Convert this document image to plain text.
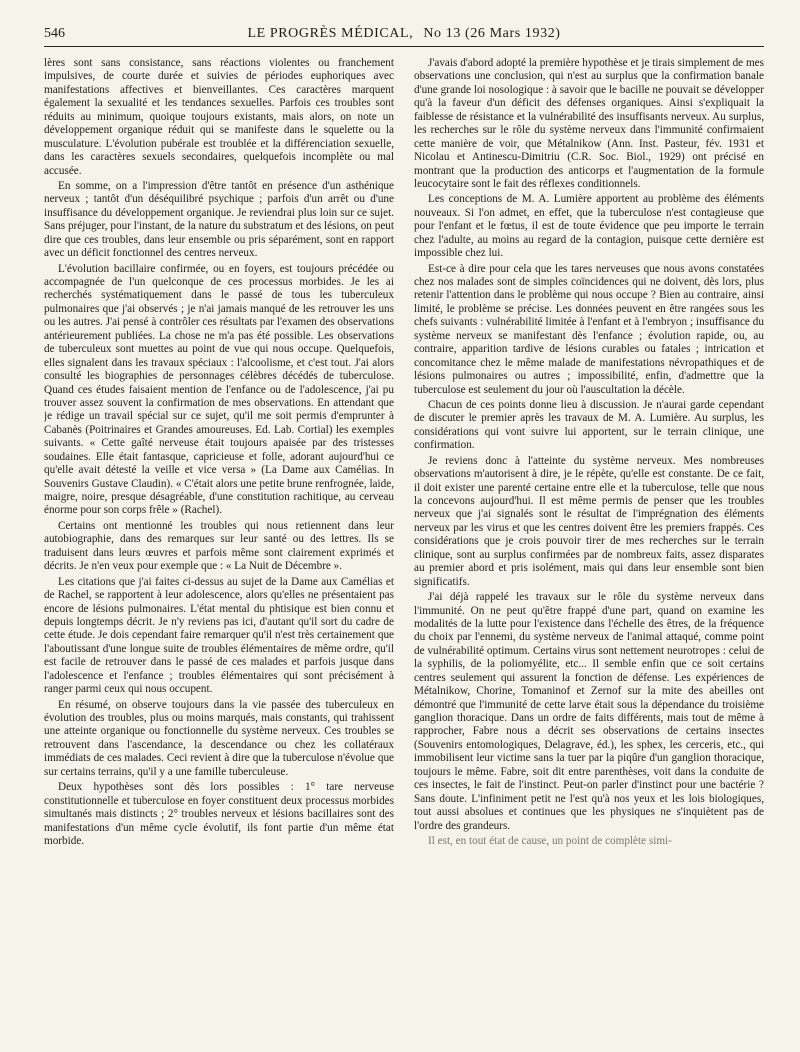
546	LE PROGRÈS MÉDICAL, No 13 (26 Mars 1932)

lères sont sans consistance, sans réactions violentes ou franchement impulsives, de courte durée et suivies de périodes euphoriques avec manifestations affectives et bienveillantes. Ces caractères marquent également la sexualité et les tendances sexuelles. Parfois ces troubles sont réduits au minimum, quoique toujours existants, mais alors, on note un développement organique réduit qui se manifeste dans le squelette ou la musculature. L'évolution pubérale est troublée et la différenciation sexuelle, dans les caractères sexuels secondaires, quelquefois incomplète ou mal accusée.

En somme, on a l'impression d'être tantôt en présence d'un asthénique nerveux ; tantôt d'un déséquilibré psychique ; parfois d'un arrêt ou d'une insuffisance du développement organique. Je reviendrai plus loin sur ce sujet. Sans préjuger, pour l'instant, de la nature du substratum et des lésions, on peut dire que ces troubles, dans leur ensemble ou pris séparément, sont en rapport avec un déficit fonctionnel des centres nerveux.

L'évolution bacillaire confirmée, ou en foyers, est toujours précédée ou accompagnée de l'un quelconque de ces processus morbides. Je les ai recherchés systématiquement dans le passé de tous les tuberculeux pulmonaires que j'ai observés ; je n'ai jamais manqué de les retrouver les uns ou les autres. J'ai pensé à contrôler ces résultats par l'examen des observations antérieurement publiées. La chose ne m'a pas été possible. Les observations de tuberculeux sont muettes au point de vue qui nous occupe. Quelquefois, elles signalent dans les travaux spéciaux : l'alcoolisme, et c'est tout. J'ai alors consulté les biographies de personnages célèbres décédés de tuberculose. Quand ces études faisaient mention de l'enfance ou de l'adolescence, j'ai pu trouver assez souvent la confirmation de mes observations. En attendant que je rédige un travail spécial sur ce sujet, qu'il me soit permis d'emprunter à Cabanès (Poitrinaires et Grandes amoureuses. Ed. Lab. Cortial) les exemples suivants. « Cette gaîté nerveuse était toujours apaisée par des tristesses soudaines. Elle était fantasque, capricieuse et folle, adorant aujourd'hui ce qu'elle avait détesté la veille et vice versa » (La Dame aux Camélias. In Souvenirs Gustave Claudin). « C'était alors une petite brune renfrognée, laide, maigre, noire, presque désagréable, d'une constitution rachitique, au cerveau énorme pour son corps frêle » (Rachel).

Certains ont mentionné les troubles qui nous retiennent dans leur autobiographie, dans des remarques sur leur santé ou des lettres. Ils se traduisent dans leurs œuvres et parfois même sont clairement exprimés et décrits. Je n'en veux pour exemple que : « La Nuit de Décembre ».

Les citations que j'ai faites ci-dessus au sujet de la Dame aux Camélias et de Rachel, se rapportent à leur adolescence, alors qu'elles ne présentaient pas encore de lésions pulmonaires. L'état mental du phtisique est bien connu et depuis longtemps décrit. Je n'y reviens pas ici, d'autant qu'il sort du cadre de cette étude. Je dois cependant faire remarquer qu'il n'est très certainement que l'aboutissant d'une longue suite de troubles élémentaires de même ordre, qu'il est facile de retrouver dans le passé de ces malades et parfois jusque dans l'adolescence et l'enfance ; troubles élémentaires qui sont précisément à ranger parmi ceux qui nous occupent.

En résumé, on observe toujours dans la vie passée des tuberculeux en évolution des troubles, plus ou moins marqués, mais constants, qui trahissent une atteinte organique ou fonctionnelle du système nerveux. Ces troubles se retrouvent dans l'ascendance, la descendance ou chez les collatéraux immédiats de ces malades. Ceci revient à dire que la tuberculose n'évolue que sur certains terrains, qu'il y a une famille tuberculeuse.

Deux hypothèses sont dès lors possibles : 1° tare nerveuse constitutionnelle et tuberculose en foyer constituent deux processus morbides simultanés mais distincts ; 2° troubles nerveux et lésions bacillaires sont des manifestations d'un même cycle évolutif, ils font partie d'un même état morbide.

J'avais d'abord adopté la première hypothèse et je tirais simplement de mes observations une conclusion, qui n'est au surplus que la confirmation banale d'une grande loi nosologique : à savoir que le bacille ne pouvait se développer qu'à la faveur d'un déficit des défenses organiques. Ainsi s'expliquait la faiblesse de résistance et la vulnérabilité des insuffisants nerveux. Au surplus, les recherches sur le rôle du système nerveux dans l'immunité confirmaient cette manière de voir, que Métalnikow (Ann. Inst. Pasteur, fév. 1931 et Nicolau et Antinescu-Dimitriu (C.R. Soc. Biol., 1929) ont précisé en montrant que la production des anticorps et l'augmentation de la formule leucocytaire sont le fait des réflexes conditionnels.

Les conceptions de M. A. Lumière apportent au problème des éléments nouveaux. Si l'on admet, en effet, que la tuberculose n'est contagieuse que pour l'enfant et le fœtus, il est de toute évidence que peu importe le terrain chez l'adulte, au moins au regard de la contagion, puisque cette dernière est impossible chez lui.

Est-ce à dire pour cela que les tares nerveuses que nous avons constatées chez nos malades sont de simples coïncidences qui ne doivent, dès lors, plus retenir l'attention dans le problème qui nous occupe ? Bien au contraire, ainsi limité, le problème se précise. Les données peuvent en être rangées sous les chefs suivants : vulnérabilité limitée à l'enfant et à l'embryon ; insuffisance du système nerveux se manifestant dès l'enfance ; évolution rapide, ou, au contraire, apparition tardive de lésions curables ou fatales ; intrication et concomitance chez le même malade de manifestations névropathiques et de lésions pulmonaires ou autres ; impossibilité, enfin, d'admettre que la tuberculose est seulement du jour où l'auscultation la décèle.

Chacun de ces points donne lieu à discussion. Je n'aurai garde cependant de discuter le premier après les travaux de M. A. Lumière. Au surplus, les considérations qui vont suivre lui apportent, sur le terrain clinique, une confirmation.

Je reviens donc à l'atteinte du système nerveux. Mes nombreuses observations m'autorisent à dire, je le répète, qu'elle est constante. De ce fait, il doit exister une parenté certaine entre elle et la tuberculose, telle que nous la concevons aujourd'hui. Il est même permis de penser que les troubles nerveux que j'ai signalés sont le résultat de l'imprégnation des éléments nerveux par les virus et que les centres doivent être les premiers frappés. Ces considérations que je crois pouvoir tirer de mes recherches sur le terrain clinique, sont au surplus confirmées par de nombreux faits, assez disparates au premier abord et pris isolément, mais qui dans leur ensemble sont bien significatifs.

J'ai déjà rappelé les travaux sur le rôle du système nerveux dans l'immunité. On ne peut qu'être frappé d'une part, quand on examine les modalités de la lutte pour l'existence dans l'échelle des êtres, de la fréquence du choix par l'ennemi, du système nerveux de l'animal attaqué, comme point de vulnérabilité optimum. Certains virus sont nettement neurotropes : celui de la syphilis, de la poliomyélite, etc... Il semble enfin que ce soit certains centres seulement qui assurent la fonction de défense. Les expériences de Métalnikow, Chorine, Tomaninof et Zernof sur la mite des abeilles ont démontré que l'immunité de cette larve était sous la dépendance du troisième ganglion thoracique. Dans un ordre de faits différents, mais tout de même à rapprocher, Fabre nous a décrit ses observations de certains insectes (Souvenirs entomologiques, Delagrave, éd.), les sphex, les cerceris, etc., qui immobilisent leur victime sans la tuer par la piqûre d'un ganglion thoracique, toujours le même. Fabre, soit dit entre parenthèses, voit dans la conduite de ces insectes, le fait de l'instinct. Peut-on parler d'instinct pour une bactérie ? Sans doute. L'infiniment petit ne l'est qu'à nos yeux et les lois biologiques, tout aussi absolues et continues que les physiques ne s'inquiètent pas de l'ordre des grandeurs.

Il est, en tout état de cause, un point de complète simi-
